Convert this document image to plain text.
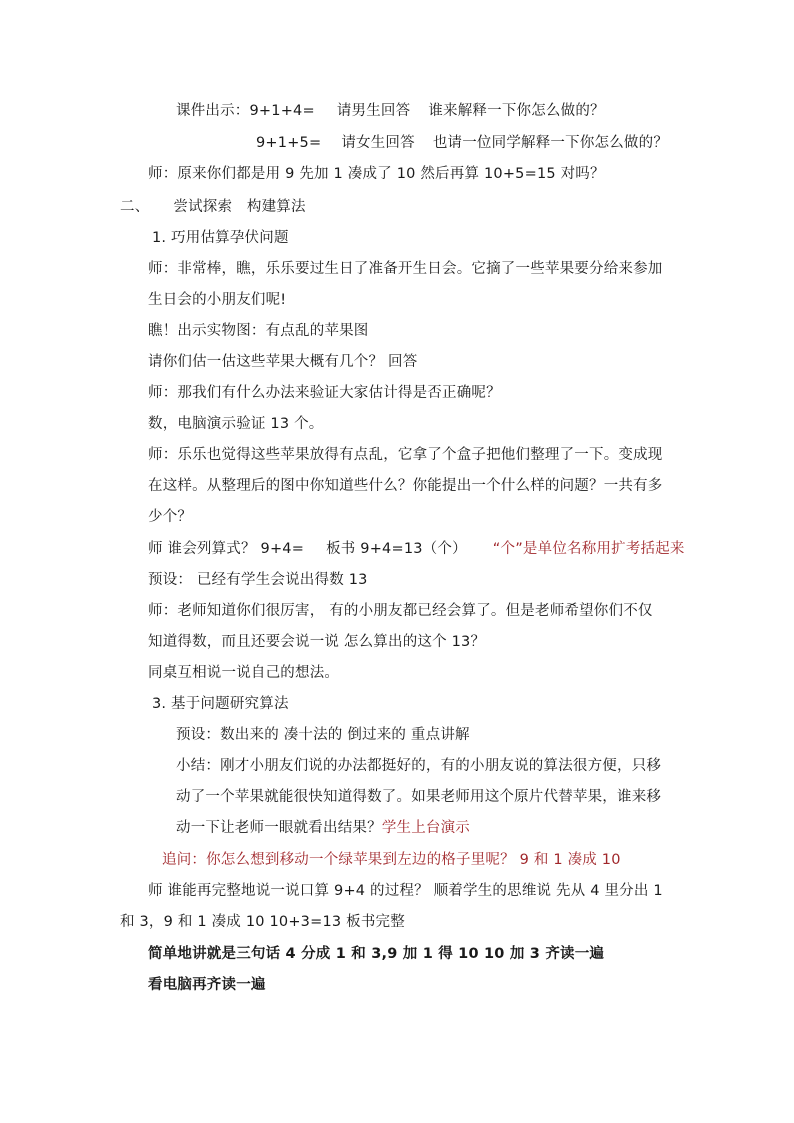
课件出示：9+1+4= 请男生回答 谁来解释一下你怎么做的？
9+1+5= 请女生回答 也请一位同学解释一下你怎么做的？
师：原来你们都是用 9 先加 1 凑成了 10 然后再算 10+5=15 对吗？
二、 尝试探索　构建算法
1. 巧用估算孕伏问题
师：非常棒，瞧，乐乐要过生日了准备开生日会。它摘了一些苹果要分给来参加
生日会的小朋友们呢!
瞧！出示实物图：有点乱的苹果图
请你们估一估这些苹果大概有几个？ 回答
师：那我们有什么办法来验证大家估计得是否正确呢？
数，电脑演示验证 13 个。
师：乐乐也觉得这些苹果放得有点乱，它拿了个盒子把他们整理了一下。变成现
在这样。从整理后的图中你知道些什么？你能提出一个什么样的问题？一共有多
少个？
师 谁会列算式？ 9+4= 板书 9+4=13（个） “个”是单位名称用扩考括起来
预设： 已经有学生会说出得数 13
师：老师知道你们很厉害， 有的小朋友都已经会算了。但是老师希望你们不仅
知道得数，而且还要会说一说 怎么算出的这个 13？
同桌互相说一说自己的想法。
3. 基于问题研究算法
预设：数出来的 凑十法的 倒过来的 重点讲解
小结：刚才小朋友们说的办法都挺好的，有的小朋友说的算法很方便，只移
动了一个苹果就能很快知道得数了。如果老师用这个原片代替苹果，谁来移
动一下让老师一眼就看出结果？学生上台演示
追问：你怎么想到移动一个绿苹果到左边的格子里呢？ 9 和 1 凑成 10
师 谁能再完整地说一说口算 9+4 的过程？ 顺着学生的思维说 先从 4 里分出 1
和 3，9 和 1 凑成 10 10+3=13 板书完整
简单地讲就是三句话 4 分成 1 和 3,9 加 1 得 10 10 加 3 齐读一遍
看电脑再齐读一遍
